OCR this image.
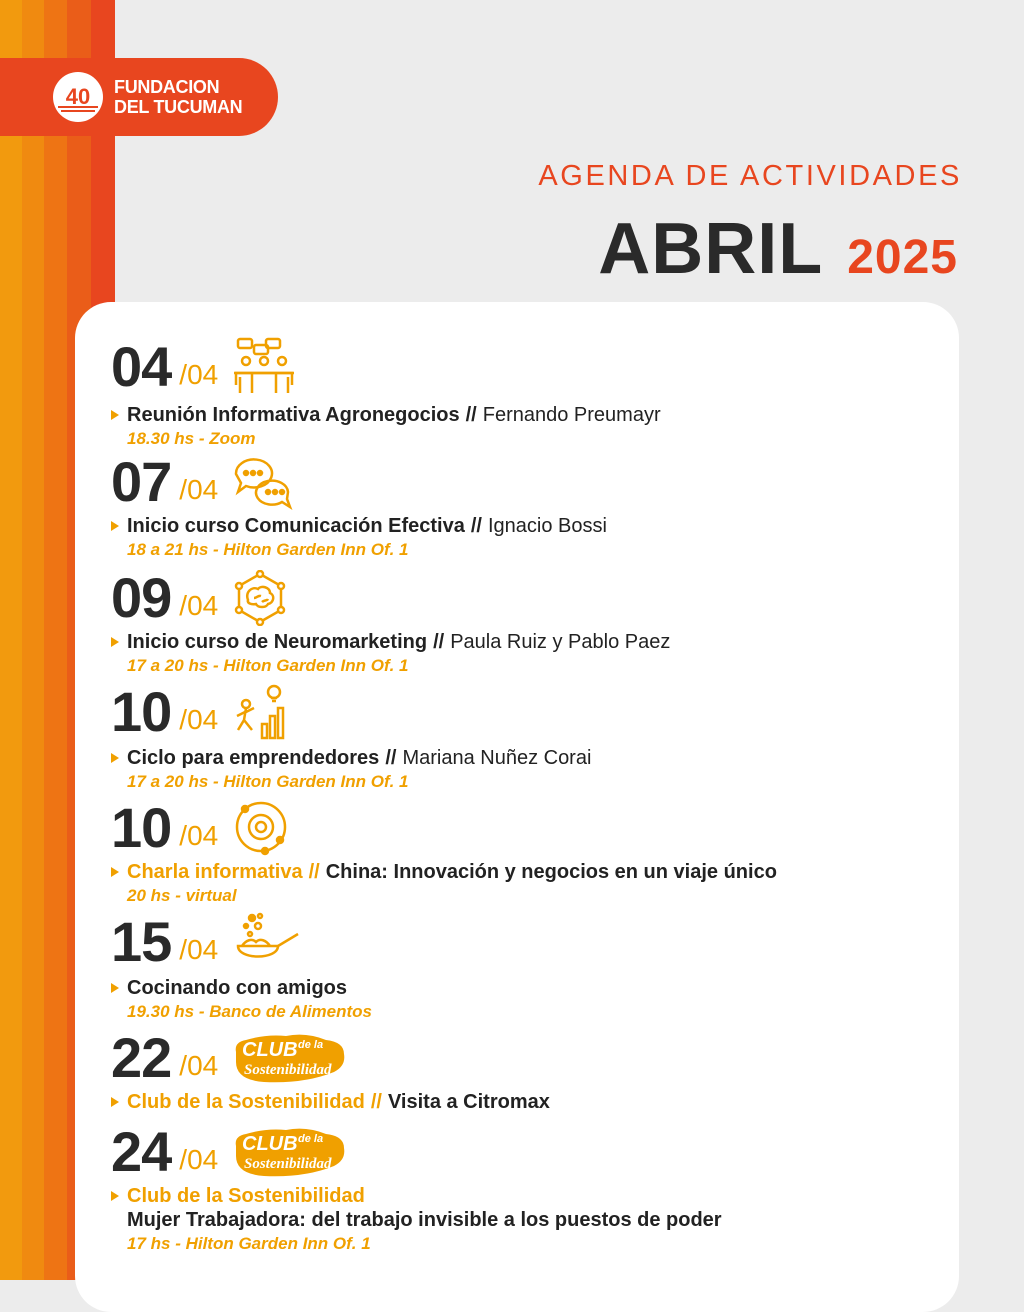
40 FUNDACION
DEL TUCUMAN
AGENDA DE ACTIVIDADES
ABRIL 2025
04 /04
Reunión Informativa Agronegocios // Fernando Preumayr
18.30 hs - Zoom
07 /04
Inicio curso Comunicación Efectiva // Ignacio Bossi
18 a 21 hs - Hilton Garden Inn Of. 1
09 /04
Inicio curso de Neuromarketing // Paula Ruiz y Pablo Paez
17 a 20 hs - Hilton Garden Inn Of. 1
10 /04
Ciclo para emprendedores // Mariana Nuñez Corai
17 a 20 hs - Hilton Garden Inn Of. 1
10 /04
Charla informativa // China: Innovación y negocios en un viaje único
20 hs - virtual
15 /04
Cocinando con amigos
19.30 hs - Banco de Alimentos
22 /04 CLUB de la
Sostenibilidad
Club de la Sostenibilidad // Visita a Citromax
24 /04 CLUB de la
Sostenibilidad
Club de la Sostenibilidad
Mujer Trabajadora: del trabajo invisible a los puestos de poder
17 hs - Hilton Garden Inn Of. 1
